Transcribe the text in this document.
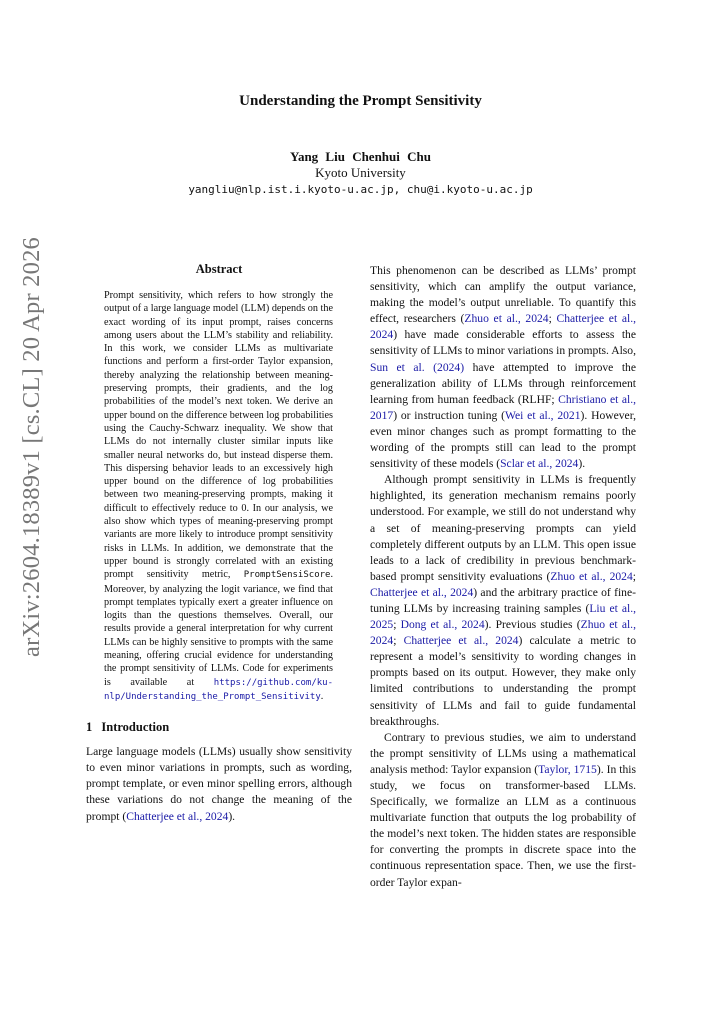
arXiv:2604.18389v1 [cs.CL] 20 Apr 2026
Understanding the Prompt Sensitivity
Yang Liu Chenhui Chu
Kyoto University
yangliu@nlp.ist.i.kyoto-u.ac.jp, chu@i.kyoto-u.ac.jp
Abstract

Prompt sensitivity, which refers to how strongly the output of a large language model (LLM) depends on the exact wording of its input prompt, raises concerns among users about the LLM’s stability and reliability. In this work, we consider LLMs as multivariate functions and perform a first-order Taylor expansion, thereby analyzing the relationship between meaning-preserving prompts, their gradients, and the log probabilities of the model’s next token. We derive an upper bound on the difference between log probabilities using the Cauchy-Schwarz inequality. We show that LLMs do not internally cluster similar inputs like smaller neural networks do, but instead disperse them. This dispersing behavior leads to an excessively high upper bound on the difference of log probabilities between two meaning-preserving prompts, making it difficult to effectively reduce to 0. In our analysis, we also show which types of meaning-preserving prompt variants are more likely to introduce prompt sensitivity risks in LLMs. In addition, we demonstrate that the upper bound is strongly correlated with an existing prompt sensitivity metric, PromptSensiScore. Moreover, by analyzing the logit variance, we find that prompt templates typically exert a greater influence on logits than the questions themselves. Overall, our results provide a general interpretation for why current LLMs can be highly sensitive to prompts with the same meaning, offering crucial evidence for understanding the prompt sensitivity of LLMs. Code for experiments is available at https://github.com/ku-nlp/Understanding_the_Prompt_Sensitivity.

1 Introduction

Large language models (LLMs) usually show sensitivity to even minor variations in prompts, such as wording, prompt template, or even minor spelling errors, although these variations do not change the meaning of the prompt (Chatterjee et al., 2024).

This phenomenon can be described as LLMs’ prompt sensitivity, which can amplify the output variance, making the model’s output unreliable. To quantify this effect, researchers (Zhuo et al., 2024; Chatterjee et al., 2024) have made considerable efforts to assess the sensitivity of LLMs to minor variations in prompts. Also, Sun et al. (2024) have attempted to improve the generalization ability of LLMs through reinforcement learning from human feedback (RLHF; Christiano et al., 2017) or instruction tuning (Wei et al., 2021). However, even minor changes such as prompt formatting to the wording of the prompts still can lead to the prompt sensitivity of these models (Sclar et al., 2024).

Although prompt sensitivity in LLMs is frequently highlighted, its generation mechanism remains poorly understood. For example, we still do not understand why a set of meaning-preserving prompts can yield completely different outputs by an LLM. This open issue leads to a lack of credibility in previous benchmark-based prompt sensitivity evaluations (Zhuo et al., 2024; Chatterjee et al., 2024) and the arbitrary practice of fine-tuning LLMs by increasing training samples (Liu et al., 2025; Dong et al., 2024). Previous studies (Zhuo et al., 2024; Chatterjee et al., 2024) calculate a metric to represent a model’s sensitivity to wording changes in prompts based on its output. However, they make only limited contributions to understanding the prompt sensitivity of LLMs and fail to guide fundamental breakthroughs.

Contrary to previous studies, we aim to understand the prompt sensitivity of LLMs using a mathematical analysis method: Taylor expansion (Taylor, 1715). In this study, we focus on transformer-based LLMs. Specifically, we formalize an LLM as a continuous multivariate function that outputs the log probability of the model’s next token. The hidden states are responsible for converting the prompts in discrete space into the continuous representation space. Then, we use the first-order Taylor expan-
